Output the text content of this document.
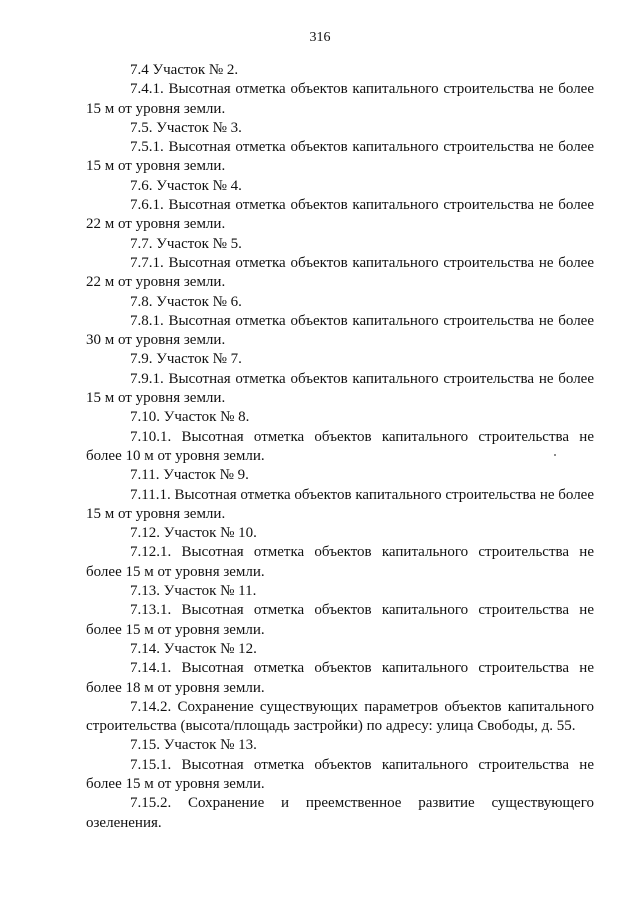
316

7.4 Участок № 2.

7.4.1. Высотная отметка объектов капитального строительства не более 15 м от уровня земли.

7.5. Участок № 3.

7.5.1. Высотная отметка объектов капитального строительства не более 15 м от уровня земли.

7.6. Участок № 4.

7.6.1. Высотная отметка объектов капитального строительства не более 22 м от уровня земли.

7.7. Участок № 5.

7.7.1. Высотная отметка объектов капитального строительства не более 22 м от уровня земли.

7.8. Участок № 6.

7.8.1. Высотная отметка объектов капитального строительства не более 30 м от уровня земли.

7.9. Участок № 7.

7.9.1. Высотная отметка объектов капитального строительства не более 15 м от уровня земли.

7.10. Участок № 8.

7.10.1. Высотная отметка объектов капитального строительства не более 10 м от уровня земли.

7.11. Участок № 9.

7.11.1. Высотная отметка объектов капитального строительства не более 15 м от уровня земли.

7.12. Участок № 10.

7.12.1. Высотная отметка объектов капитального строительства не более 15 м от уровня земли.

7.13. Участок № 11.

7.13.1. Высотная отметка объектов капитального строительства не более 15 м от уровня земли.

7.14. Участок № 12.

7.14.1. Высотная отметка объектов капитального строительства не более 18 м от уровня земли.

7.14.2. Сохранение существующих параметров объектов капитального строительства (высота/площадь застройки) по адресу: улица Свободы, д. 55.

7.15. Участок № 13.

7.15.1. Высотная отметка объектов капитального строительства не более 15 м от уровня земли.

7.15.2. Сохранение и преемственное развитие существующего озеленения.
